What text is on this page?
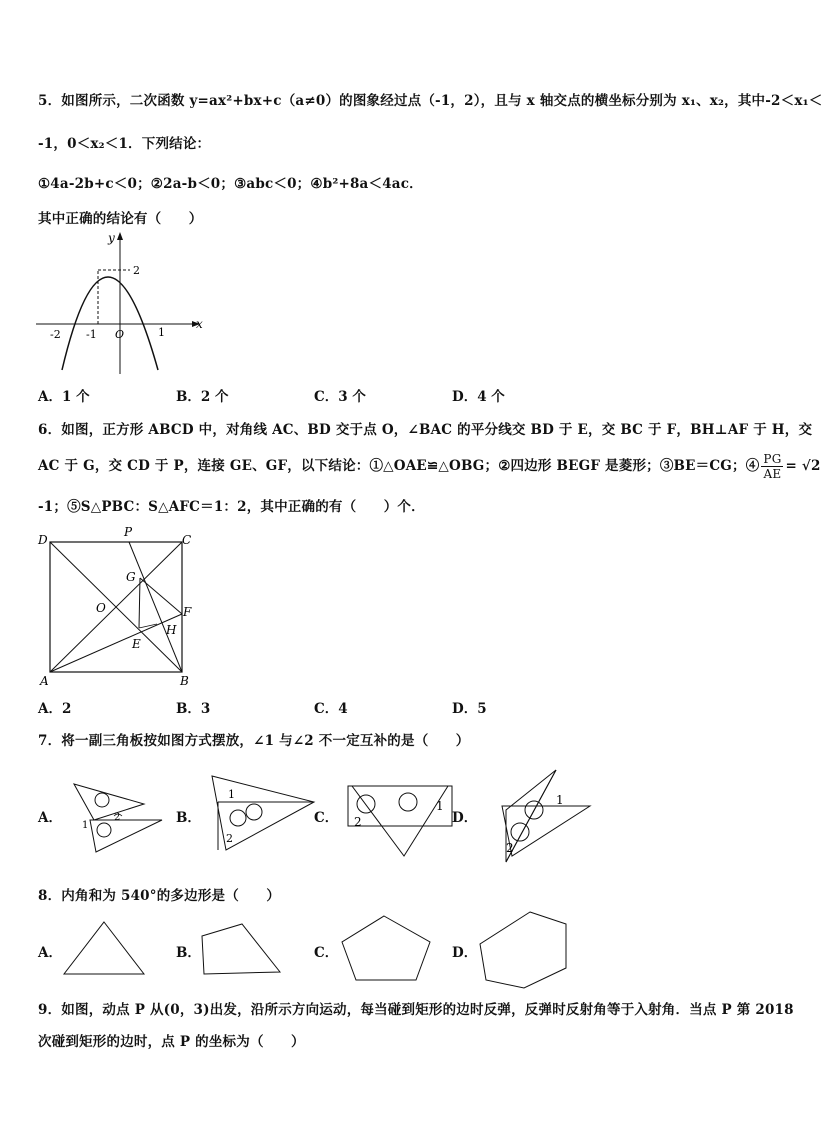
5．如图所示，二次函数 y=ax²+bx+c（a≠0）的图象经过点（-1，2），且与 x 轴交点的横坐标分别为 x₁、x₂，其中-2＜x₁＜
-1，0＜x₂＜1．下列结论：
①4a-2b+c＜0；②2a-b＜0；③abc＜0；④b²+8a＜4ac．
其中正确的结论有（　　）
y
x
2
-2 -1 O	1
A．1 个	B．2 个	C．3 个	D．4 个
6．如图，正方形 ABCD 中，对角线 AC、BD 交于点 O，∠BAC 的平分线交 BD 于 E，交 BC 于 F，BH⊥AF 于 H，交
AC 于 G，交 CD 于 P，连接 GE、GF，以下结论：①△OAE≌△OBG；②四边形 BEGF 是菱形；③BE＝CG；④ $\frac{PG}{AE} = √2$
-1；⑤S△PBC：S△AFC＝1：2，其中正确的有（　　）个．
D
P
C
G
O	F
H
E
A	B
A．2	B．3	C．4	D．5
7．将一副三角板按如图方式摆放，∠1 与∠2 不一定互补的是（　　）
A． 1
2	B．
1
2
C．
1
2	D．
1
2
8．内角和为 540°的多边形是（　　）
A．	B．	C．	D．
9．如图，动点 P 从(0，3)出发，沿所示方向运动，每当碰到矩形的边时反弹，反弹时反射角等于入射角．当点 P 第 2018
次碰到矩形的边时，点 P 的坐标为（　　）
